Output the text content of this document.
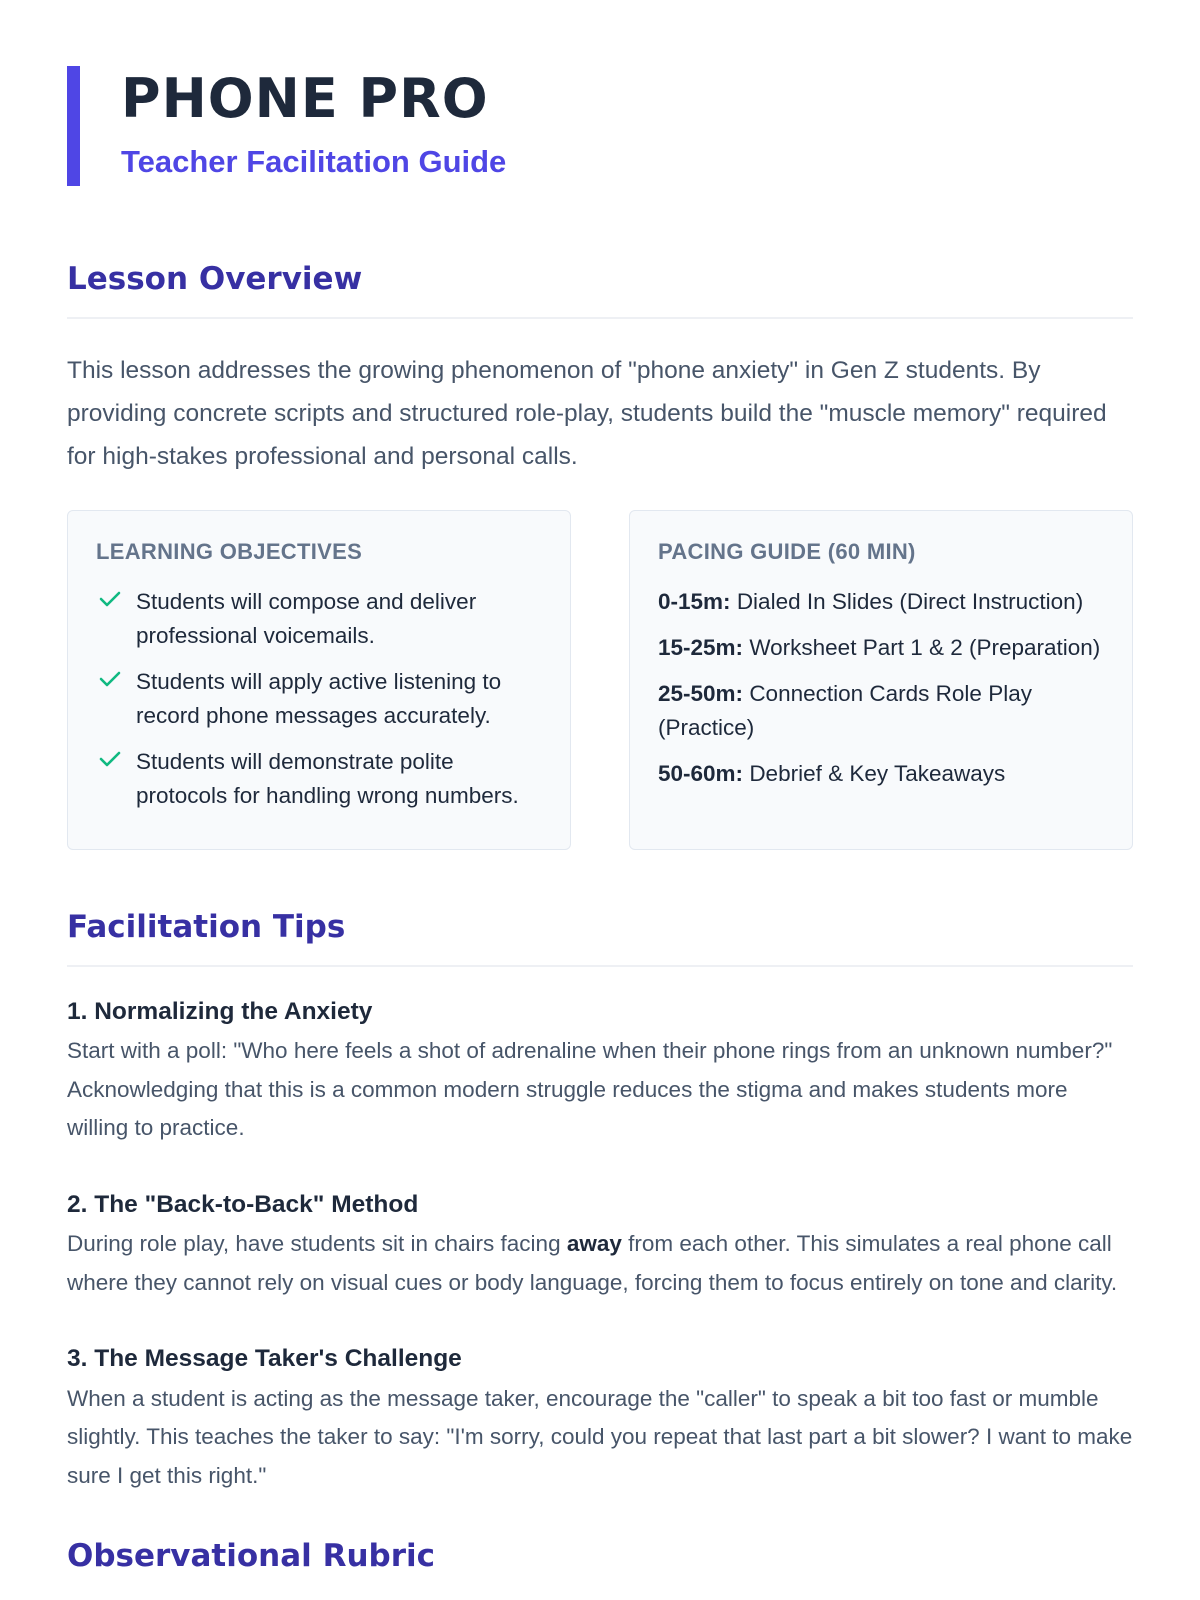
PHONE PRO
Teacher Facilitation Guide
Lesson Overview

This lesson addresses the growing phenomenon of "phone anxiety" in Gen Z students. By providing concrete scripts and structured role-play, students build the "muscle memory" required for high-stakes professional and personal calls.

LEARNING OBJECTIVES
Students will compose and deliver professional voicemails.
Students will apply active listening to record phone messages accurately.
Students will demonstrate polite protocols for handling wrong numbers.
PACING GUIDE (60 MIN)
0-15m: Dialed In Slides (Direct Instruction)
15-25m: Worksheet Part 1 & 2 (Preparation)
25-50m: Connection Cards Role Play (Practice)
50-60m: Debrief & Key Takeaways
Facilitation Tips
1. Normalizing the Anxiety

Start with a poll: "Who here feels a shot of adrenaline when their phone rings from an unknown number?" Acknowledging that this is a common modern struggle reduces the stigma and makes students more willing to practice.

2. The "Back-to-Back" Method

During role play, have students sit in chairs facing away from each other. This simulates a real phone call where they cannot rely on visual cues or body language, forcing them to focus entirely on tone and clarity.

3. The Message Taker's Challenge

When a student is acting as the message taker, encourage the "caller" to speak a bit too fast or mumble slightly. This teaches the taker to say: "I'm sorry, could you repeat that last part a bit slower? I want to make sure I get this right."

Observational Rubric
